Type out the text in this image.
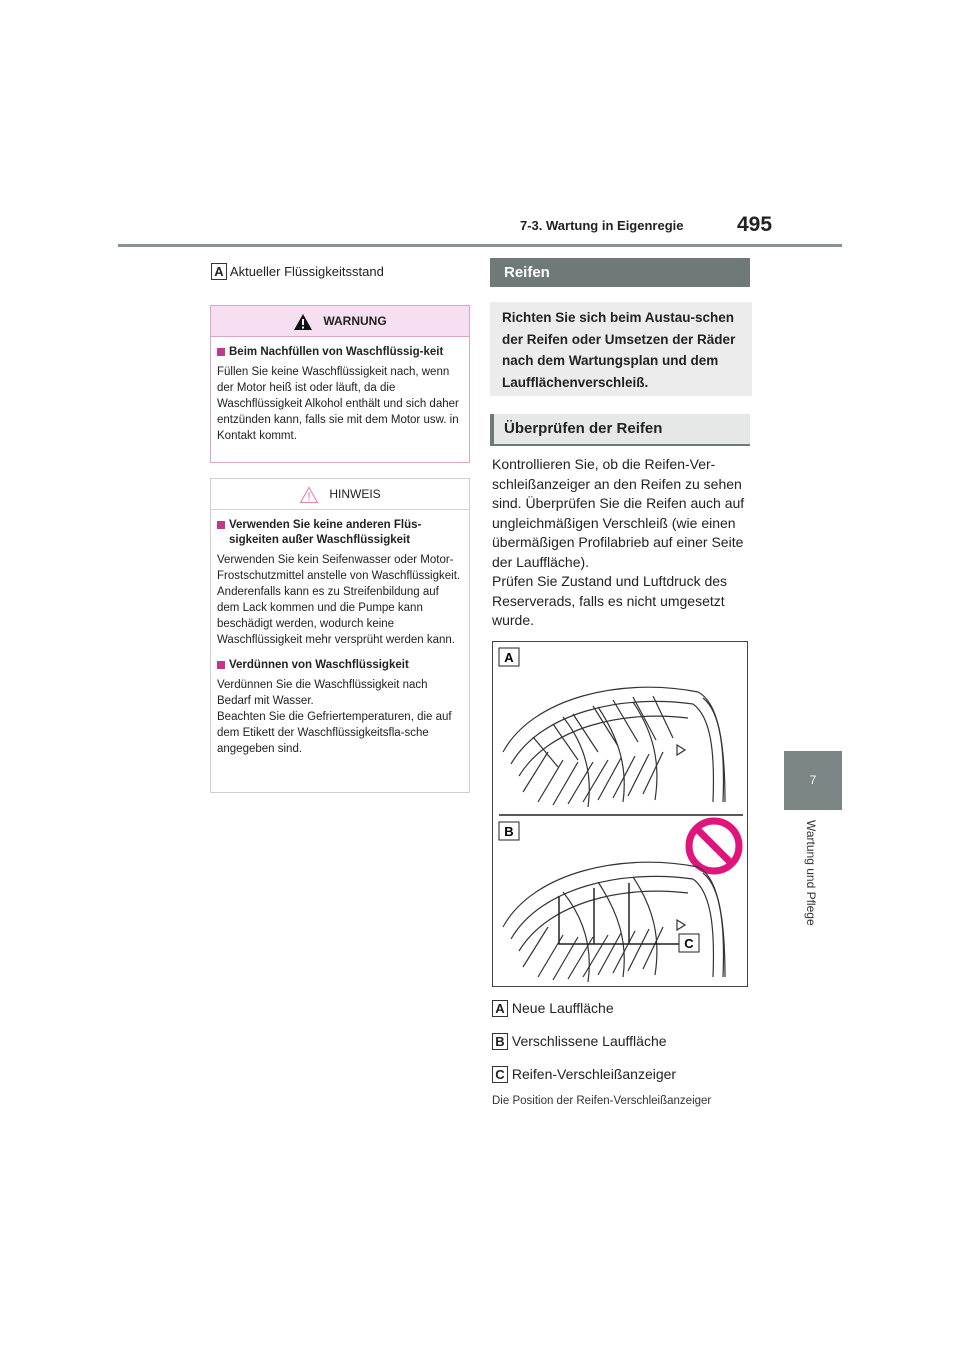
7-3. Wartung in Eigenregie	495
7
Wartung und Pflege
A Aktueller Flüssigkeitsstand
WARNUNG
Beim Nachfüllen von Waschflüssig-keit
Füllen Sie keine Waschflüssigkeit nach, wenn der Motor heiß ist oder läuft, da die Waschflüssigkeit Alkohol enthält und sich daher entzünden kann, falls sie mit dem Motor usw. in Kontakt kommt.
HINWEIS
Verwenden Sie keine anderen Flüs-sigkeiten außer Waschflüssigkeit
Verwenden Sie kein Seifenwasser oder Motor-Frostschutzmittel anstelle von Waschflüssigkeit.
Anderenfalls kann es zu Streifenbildung auf dem Lack kommen und die Pumpe kann beschädigt werden, wodurch keine Waschflüssigkeit mehr versprüht werden kann.
Verdünnen von Waschflüssigkeit
Verdünnen Sie die Waschflüssigkeit nach Bedarf mit Wasser.
Beachten Sie die Gefriertemperaturen, die auf dem Etikett der Waschflüssigkeitsfla-sche angegeben sind.
Reifen
Richten Sie sich beim Austau-schen der Reifen oder Umsetzen der Räder nach dem Wartungsplan und dem Laufflächenverschleiß.
Überprüfen der Reifen
Kontrollieren Sie, ob die Reifen-Ver-schleißanzeiger an den Reifen zu sehen sind. Überprüfen Sie die Reifen auch auf ungleichmäßigen Verschleiß (wie einen übermäßigen Profilabrieb auf einer Seite der Lauffläche).
Prüfen Sie Zustand und Luftdruck des Reserverads, falls es nicht umgesetzt wurde.
A
B
C
A Neue Lauffläche
B Verschlissene Lauffläche
C Reifen-Verschleißanzeiger
Die Position der Reifen-Verschleißanzeiger
